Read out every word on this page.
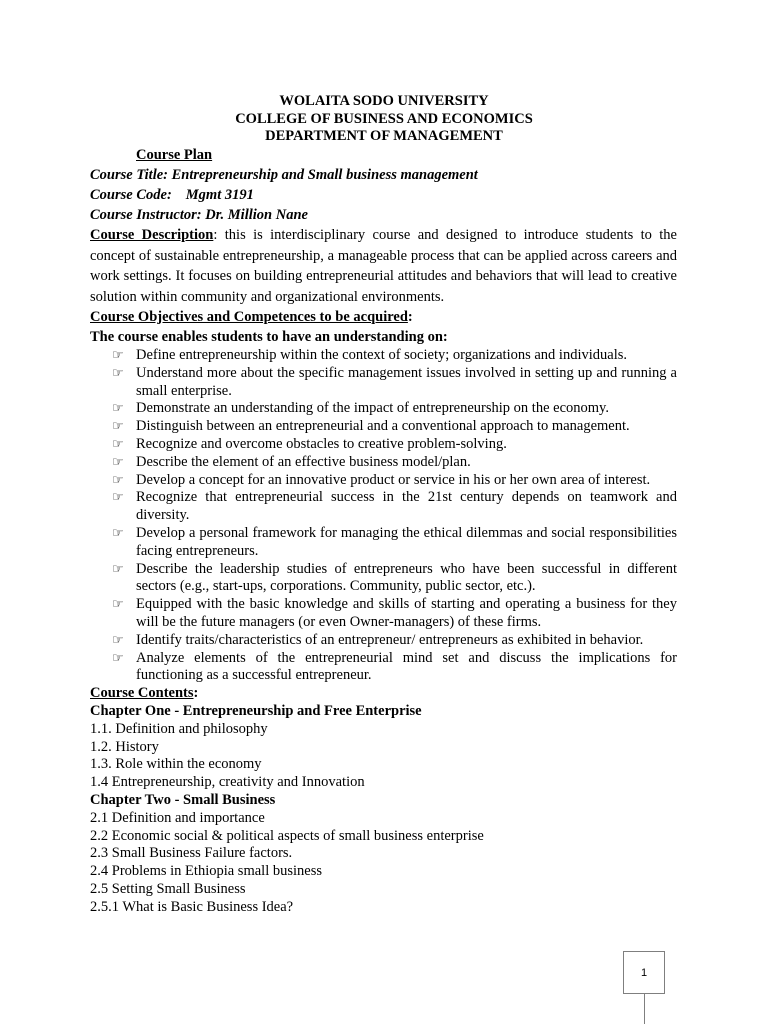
WOLAITA SODO UNIVERSITY
COLLEGE OF BUSINESS AND ECONOMICS
DEPARTMENT OF MANAGEMENT

Course Plan

Course Title: Entrepreneurship and Small business management

Course Code: Mgmt 3191

Course Instructor: Dr. Million Nane

Course Description: this is interdisciplinary course and designed to introduce students to the concept of sustainable entrepreneurship, a manageable process that can be applied across careers and work settings. It focuses on building entrepreneurial attitudes and behaviors that will lead to creative solution within community and organizational environments.

Course Objectives and Competences to be acquired:

The course enables students to have an understanding on:

☞ Define entrepreneurship within the context of society; organizations and individuals.
☞ Understand more about the specific management issues involved in setting up and running a small enterprise.
☞ Demonstrate an understanding of the impact of entrepreneurship on the economy.
☞ Distinguish between an entrepreneurial and a conventional approach to management.
☞ Recognize and overcome obstacles to creative problem-solving.
☞ Describe the element of an effective business model/plan.
☞ Develop a concept for an innovative product or service in his or her own area of interest.
☞ Recognize that entrepreneurial success in the 21st century depends on teamwork and diversity.
☞ Develop a personal framework for managing the ethical dilemmas and social responsibilities facing entrepreneurs.
☞ Describe the leadership studies of entrepreneurs who have been successful in different sectors (e.g., start-ups, corporations. Community, public sector, etc.).
☞ Equipped with the basic knowledge and skills of starting and operating a business for they will be the future managers (or even Owner-managers) of these firms.
☞ Identify traits/characteristics of an entrepreneur/ entrepreneurs as exhibited in behavior.
☞ Analyze elements of the entrepreneurial mind set and discuss the implications for functioning as a successful entrepreneur.

Course Contents:

Chapter One - Entrepreneurship and Free Enterprise

1.1. Definition and philosophy

1.2. History

1.3. Role within the economy

1.4 Entrepreneurship, creativity and Innovation

Chapter Two - Small Business

2.1 Definition and importance

2.2 Economic social & political aspects of small business enterprise

2.3 Small Business Failure factors.

2.4 Problems in Ethiopia small business

2.5 Setting Small Business

2.5.1 What is Basic Business Idea?

1
